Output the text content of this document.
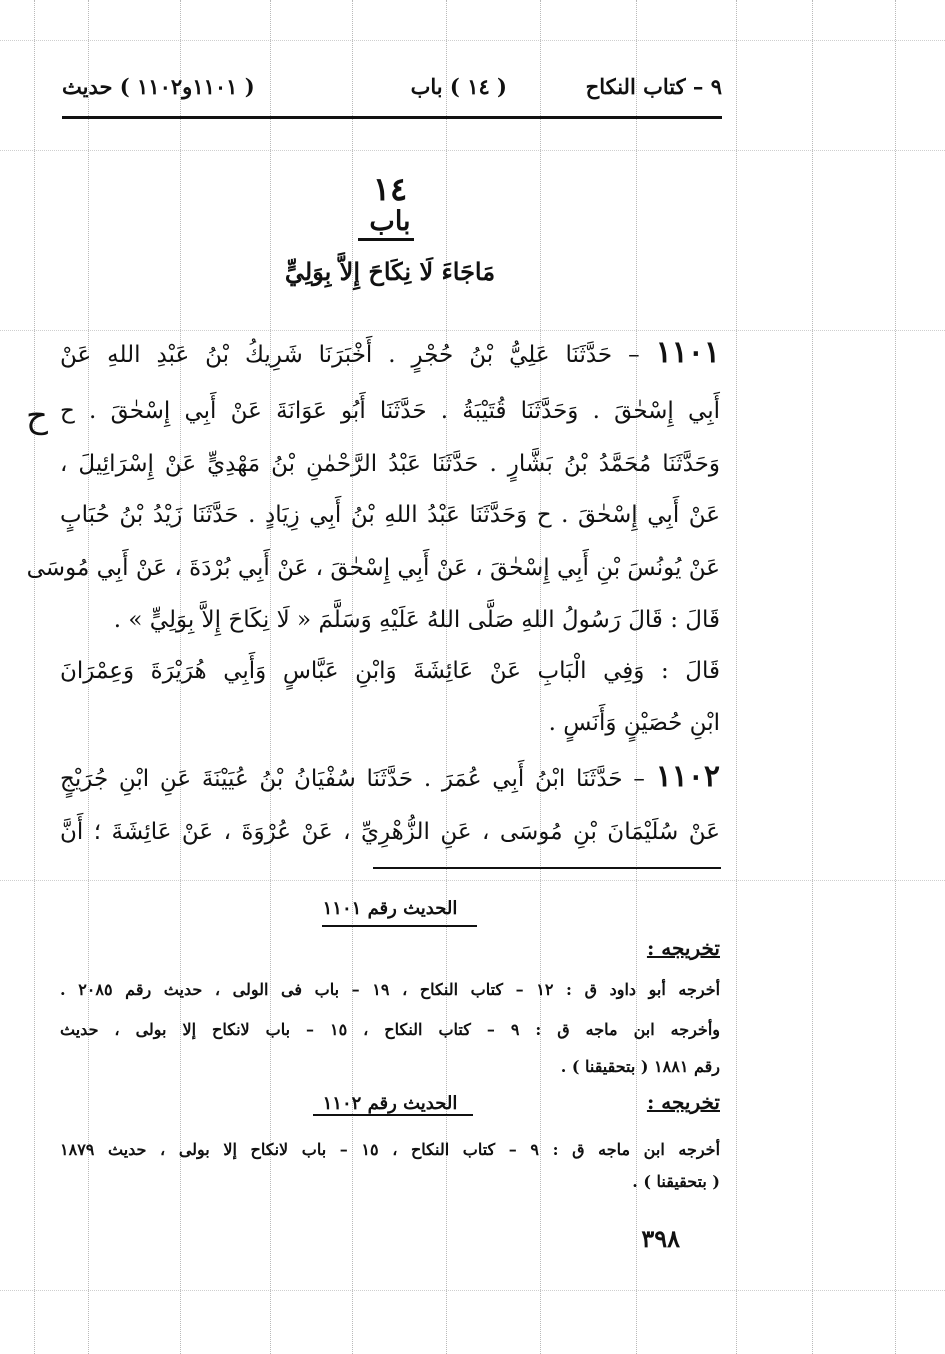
٩ – كتاب النكاح
( ١٤ ) باب
( ١١٠١و١١٠٢ ) حديث
١٤
باب
مَاجَاءَ لَا نِكَاحَ إِلاَّ بِوَلِيٍّ
١١٠١ – حَدَّثَنَا عَلِيُّ بْنُ حُجْرٍ . أَخْبَرَنَا شَرِيكُ بْنُ عَبْدِ اللهِ عَنْ
أَبِي إِسْحٰقَ . وَحَدَّثَنَا قُتَيْبَةُ . حَدَّثَنَا أَبُو عَوَانَةَ عَنْ أَبِي إِسْحٰقَ . ح
وَحَدَّثَنَا مُحَمَّدُ بْنُ بَشَّارٍ . حَدَّثَنَا عَبْدُ الرَّحْمٰنِ بْنُ مَهْدِيٍّ عَنْ إِسْرَائِيلَ ،
عَنْ أَبِي إِسْحٰقَ . ح وَحَدَّثَنَا عَبْدُ اللهِ بْنُ أَبِي زِيَادٍ . حَدَّثَنَا زَيْدُ بْنُ حُبَابٍ
عَنْ يُونُسَ بْنِ أَبِي إِسْحٰقَ ، عَنْ أَبِي إِسْحٰقَ ، عَنْ أَبِي بُرْدَةَ ، عَنْ أَبِي مُوسَى
قَالَ : قَالَ رَسُولُ اللهِ صَلَّى اللهُ عَلَيْهِ وَسَلَّمَ « لَا نِكَاحَ إِلاَّ بِوَلِيٍّ » .
قَالَ : وَفِي الْبَابِ عَنْ عَائِشَةَ وَابْنِ عَبَّاسٍ وَأَبِي هُرَيْرَةَ وَعِمْرَانَ
ابْنِ حُصَيْنٍ وَأَنَسٍ .
١١٠٢ – حَدَّثَنَا ابْنُ أَبِي عُمَرَ . حَدَّثَنَا سُفْيَانُ بْنُ عُيَيْنَةَ عَنِ ابْنِ جُرَيْجٍ
عَنْ سُلَيْمَانَ بْنِ مُوسَى ، عَنِ الزُّهْرِيِّ ، عَنْ عُرْوَةَ ، عَنْ عَائِشَةَ ؛ أَنَّ
ح
الحديث رقم ١١٠١
تخريجه :
أخرجه أبو داود ق : ١٢ – كتاب النكاح ، ١٩ – باب فى الولى ، حديث رقم ٢٠٨٥ .
وأخرجه ابن ماجه ق : ٩ – كتاب النكاح ، ١٥ – باب لانكاح إلا بولى ، حديث
رقم ١٨٨١ ( بتحقيقنا ) .
تخريجه :
الحديث رقم ١١٠٢
أخرجه ابن ماجه ق : ٩ – كتاب النكاح ، ١٥ – باب لانكاح إلا بولى ، حديث ١٨٧٩
( بتحقيقنا ) .
٣٩٨
